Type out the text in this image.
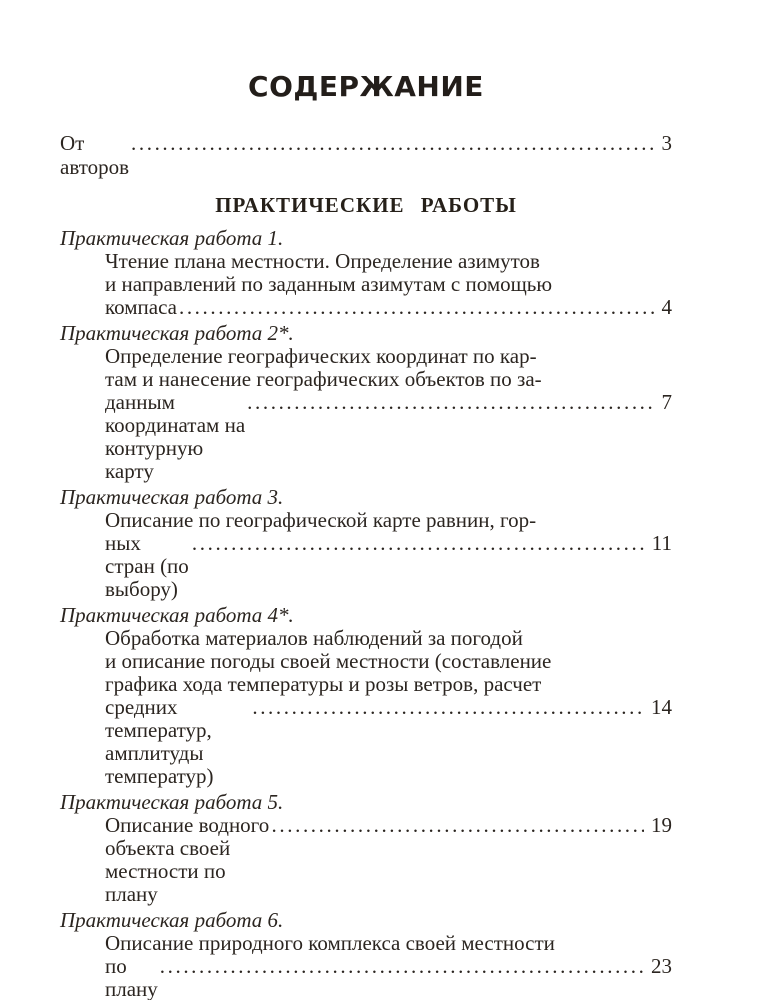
СОДЕРЖАНИЕ
От авторов
.....
3
ПРАКТИЧЕСКИЕ РАБОТЫ
Практическая работа 1.
Чтение плана местности. Определение азимутов
и направлений по заданным азимутам с помощью
компаса .....	4
Практическая работа 2*.
Определение географических координат по кар-
там и нанесение географических объектов по за-
данным координатам на контурную карту
.....
7
Практическая работа 3.
Описание по географической карте равнин, гор-
ных стран (по выбору)
.....
11
Практическая работа 4*.
Обработка материалов наблюдений за погодой
и описание погоды своей местности (составление
графика хода температуры и розы ветров, расчет
средних температур, амплитуды температур)
.....
14
Практическая работа 5.
Описание водного объекта своей местности по плану
.....
19
Практическая работа 6.
Описание природного комплекса своей местности
по плану
.....
23
